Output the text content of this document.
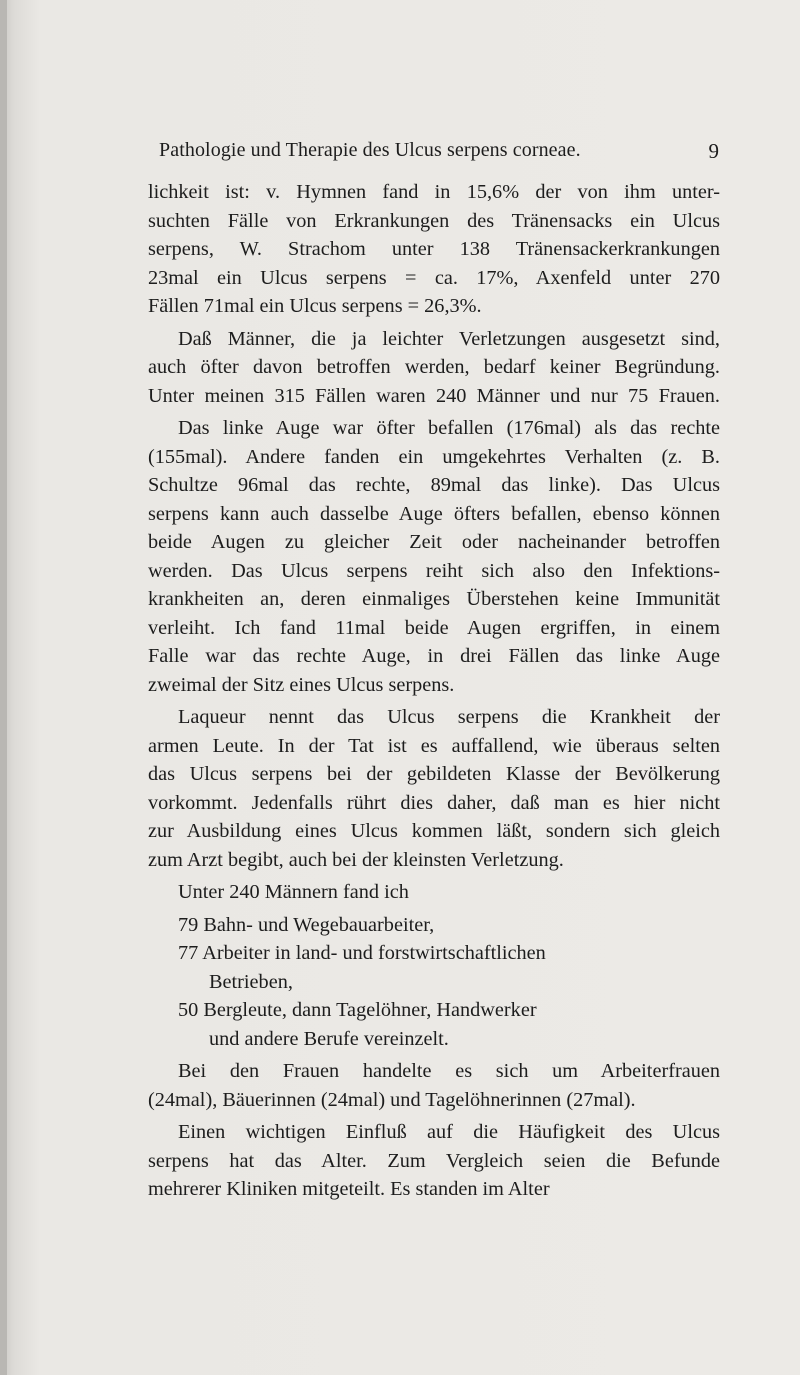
Pathologie und Therapie des Ulcus serpens corneae.	9
lichkeit ist: v. Hymnen fand in 15,6% der von ihm unter-
suchten Fälle von Erkrankungen des Tränensacks ein Ulcus
serpens, W. Strachom unter 138 Tränensackerkrankungen
23mal ein Ulcus serpens = ca. 17%, Axenfeld unter 270
Fällen 71mal ein Ulcus serpens = 26,3%.
Daß Männer, die ja leichter Verletzungen ausgesetzt sind,
auch öfter davon betroffen werden, bedarf keiner Begründung.
Unter meinen 315 Fällen waren 240 Männer und nur 75 Frauen.
Das linke Auge war öfter befallen (176mal) als das rechte
(155mal). Andere fanden ein umgekehrtes Verhalten (z. B.
Schultze 96mal das rechte, 89mal das linke). Das Ulcus
serpens kann auch dasselbe Auge öfters befallen, ebenso können
beide Augen zu gleicher Zeit oder nacheinander betroffen
werden. Das Ulcus serpens reiht sich also den Infektions-
krankheiten an, deren einmaliges Überstehen keine Immunität
verleiht. Ich fand 11mal beide Augen ergriffen, in einem
Falle war das rechte Auge, in drei Fällen das linke Auge
zweimal der Sitz eines Ulcus serpens.
Laqueur nennt das Ulcus serpens die Krankheit der
armen Leute. In der Tat ist es auffallend, wie überaus selten
das Ulcus serpens bei der gebildeten Klasse der Bevölkerung
vorkommt. Jedenfalls rührt dies daher, daß man es hier nicht
zur Ausbildung eines Ulcus kommen läßt, sondern sich gleich
zum Arzt begibt, auch bei der kleinsten Verletzung.
Unter 240 Männern fand ich
79 Bahn- und Wegebauarbeiter,
77 Arbeiter in land- und forstwirtschaftlichen
Betrieben,
50 Bergleute, dann Tagelöhner, Handwerker
und andere Berufe vereinzelt.
Bei den Frauen handelte es sich um Arbeiterfrauen
(24mal), Bäuerinnen (24mal) und Tagelöhnerinnen (27mal).
Einen wichtigen Einfluß auf die Häufigkeit des Ulcus
serpens hat das Alter. Zum Vergleich seien die Befunde
mehrerer Kliniken mitgeteilt. Es standen im Alter
